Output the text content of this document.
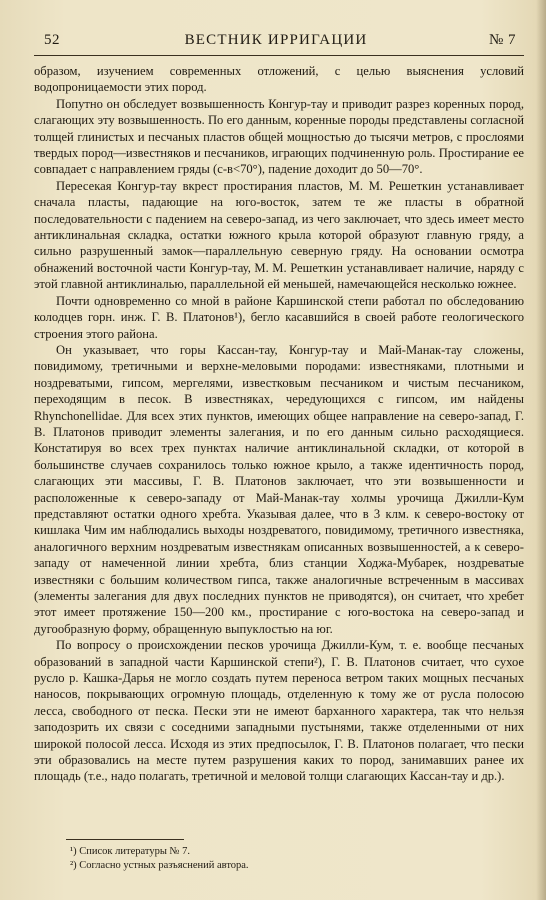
52	ВЕСТНИК ИРРИГАЦИИ	№ 7

образом, изучением современных отложений, с целью выяснения условий водопроницаемости этих пород.

Попутно он обследует возвышенность Конгур-тау и приводит разрез коренных пород, слагающих эту возвышенность. По его данным, коренные породы представлены согласной толщей глинистых и песчаных пластов общей мощностью до тысячи метров, с прослоями твердых пород—известняков и песчаников, играющих подчиненную роль. Простирание ее совпадает с направлением гряды (с-в<70°), падение доходит до 50—70°.

Пересекая Конгур-тау вкрест простирания пластов, М. М. Решеткин устанавливает сначала пласты, падающие на юго-восток, затем те же пласты в обратной последовательности с падением на северо-запад, из чего заключает, что здесь имеет место антиклинальная складка, остатки южного крыла которой образуют главную гряду, а сильно разрушенный замок—параллельную северную гряду. На основании осмотра обнажений восточной части Конгур-тау, М. М. Решеткин устанавливает наличие, наряду с этой главной антиклиналью, параллельной ей меньшей, намечающейся несколько южнее.

Почти одновременно со мной в районе Каршинской степи работал по обследованию колодцев горн. инж. Г. В. Платонов¹), бегло касавшийся в своей работе геологического строения этого района.

Он указывает, что горы Кассан-тау, Конгур-тау и Май-Манак-тау сложены, повидимому, третичными и верхне-меловыми породами: известняками, плотными и ноздреватыми, гипсом, мергелями, известковым песчаником и чистым песчаником, переходящим в песок. В известняках, чередующихся с гипсом, им найдены Rhynchonellidae. Для всех этих пунктов, имеющих общее направление на северо-запад, Г. В. Платонов приводит элементы залегания, и по его данным сильно расходящиеся. Констатируя во всех трех пунктах наличие антиклинальной складки, от которой в большинстве случаев сохранилось только южное крыло, а также идентичность пород, слагающих эти массивы, Г. В. Платонов заключает, что эти возвышенности и расположенные к северо-западу от Май-Манак-тау холмы урочища Джилли-Кум представляют остатки одного хребта. Указывая далее, что в 3 клм. к северо-востоку от кишлака Чим им наблюдались выходы ноздреватого, повидимому, третичного известняка, аналогичного верхним ноздреватым известнякам описанных возвышенностей, а к северо-западу от намеченной линии хребта, близ станции Ходжа-Мубарек, ноздреватые известняки с большим количеством гипса, также аналогичные встреченным в массивах (элементы залегания для двух последних пунктов не приводятся), он считает, что хребет этот имеет протяжение 150—200 км., простирание с юго-востока на северо-запад и дугообразную форму, обращенную выпуклостью на юг.

По вопросу о происхождении песков урочища Джилли-Кум, т. е. вообще песчаных образований в западной части Каршинской степи²), Г. В. Платонов считает, что сухое русло р. Кашка-Дарья не могло создать путем переноса ветром таких мощных песчаных наносов, покрывающих огромную площадь, отделенную к тому же от русла полосою лесса, свободного от песка. Пески эти не имеют барханного характера, так что нельзя заподозрить их связи с соседними западными пустынями, также отделенными от них широкой полосой лесса. Исходя из этих предпосылок, Г. В. Платонов полагает, что пески эти образовались на месте путем разрушения каких то пород, занимавших ранее их площадь (т.е., надо полагать, третичной и меловой толщи слагающих Кассан-тау и др.).

¹) Список литературы № 7.
²) Согласно устных разъяснений автора.
